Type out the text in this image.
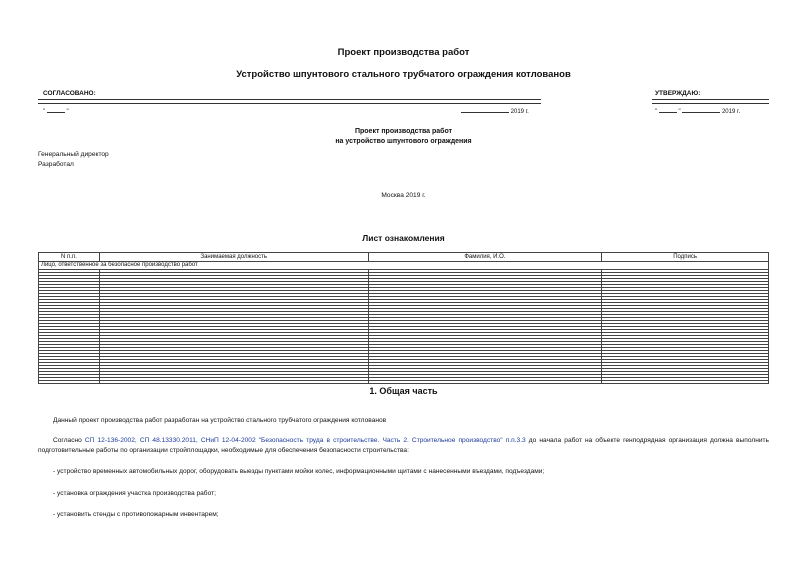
Проект производства работ
Устройство шпунтового стального трубчатого ограждения котлованов
СОГЛАСОВАНО:	УТВЕРЖДАЮ:
"	"	2019 г.	"	"	2019 г.
Проект производства работ
на устройство шпунтового ограждения
Генеральный директор
Разработал
Москва 2019 г.
Лист ознакомления
N п.п.	Занимаемая должность	Фамилия, И.О.	Подпись
Лицо, ответственное за безопасное производство работ			

1. Общая часть
Данный проект производства работ разработан на устройство стального трубчатого ограждения котлованов
Согласно СП 12-136-2002, СП 48.13330.2011, СНиП 12-04-2002 "Безопасность труда в строительстве. Часть 2. Строительное производство" п.п.3.3 до начала работ на объекте генподрядная организация должна выполнить подготовительные работы по организации стройплощадки, необходимые для обеспечения безопасности строительства:
- устройство временных автомобильных дорог, оборудовать выезды пунктами мойки колес, информационными щитами с нанесенными въездами, подъездами;
- установка ограждения участка производства работ;
- установить стенды с противопожарным инвентарем;
